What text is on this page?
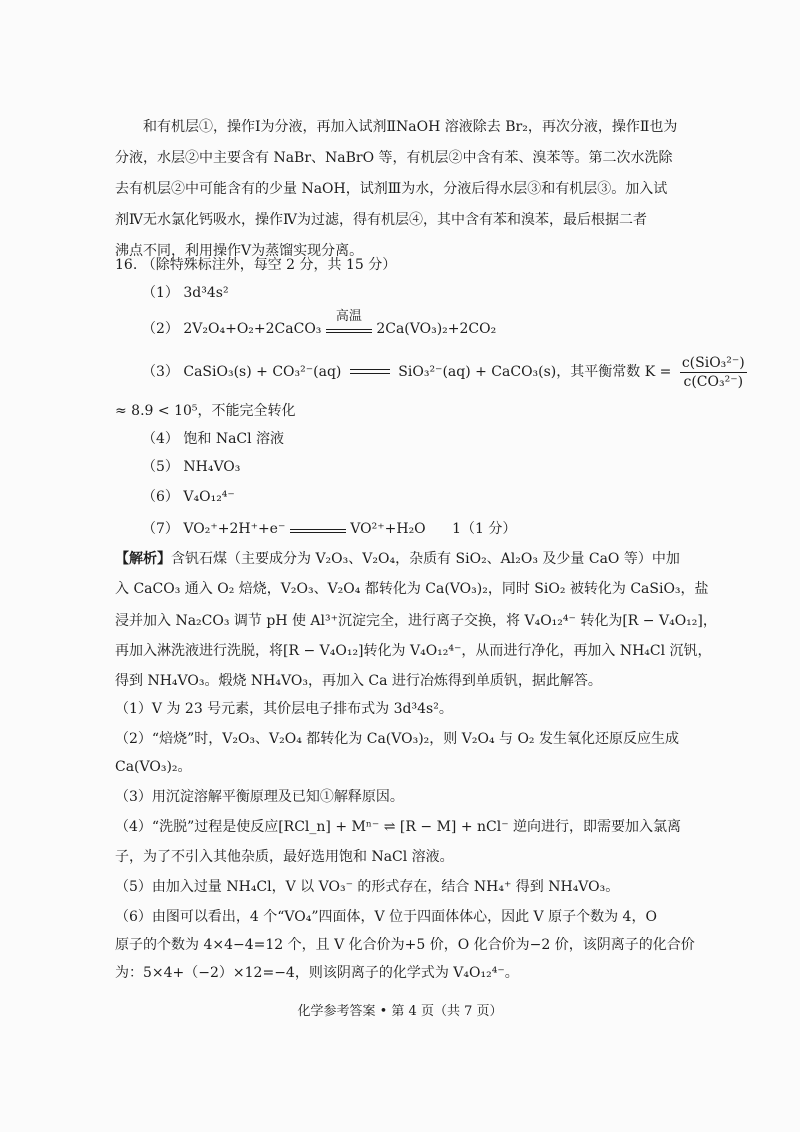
和有机层①，操作Ⅰ为分液，再加入试剂ⅡNaOH 溶液除去 Br₂，再次分液，操作Ⅱ也为

分液，水层②中主要含有 NaBr、NaBrO 等，有机层②中含有苯、溴苯等。第二次水洗除

去有机层②中可能含有的少量 NaOH，试剂Ⅲ为水，分液后得水层③和有机层③。加入试

剂Ⅳ无水氯化钙吸水，操作Ⅳ为过滤，得有机层④，其中含有苯和溴苯，最后根据二者

沸点不同，利用操作Ⅴ为蒸馏实现分离。

16. （除特殊标注外，每空 2 分，共 15 分）
（1） 3d³4s²
（2） 2V₂O₄+O₂+2CaCO₃
高温
2Ca(VO₃)₂+2CO₂
（3） CaSiO₃(s) + CO₃²⁻(aq)	SiO₃²⁻(aq) + CaCO₃(s)，其平衡常数 $K = \frac{\text{c(SiO₃²⁻)}}{\text{c(CO₃²⁻)}}$
≈ 8.9 < 10⁵，不能完全转化
（4） 饱和 NaCl 溶液
（5） NH₄VO₃
（6） V₄O₁₂⁴⁻
（7） VO₂⁺+2H⁺+e⁻	VO²⁺+H₂O 1（1 分）
【解析】含钒石煤（主要成分为 V₂O₃、V₂O₄，杂质有 SiO₂、Al₂O₃ 及少量 CaO 等）中加
入 CaCO₃ 通入 O₂ 焙烧，V₂O₃、V₂O₄ 都转化为 Ca(VO₃)₂，同时 SiO₂ 被转化为 CaSiO₃，盐
浸并加入 Na₂CO₃ 调节 pH 使 Al³⁺沉淀完全，进行离子交换，将 V₄O₁₂⁴⁻ 转化为[R − V₄O₁₂]，
再加入淋洗液进行洗脱，将[R − V₄O₁₂]转化为 V₄O₁₂⁴⁻，从而进行净化，再加入 NH₄Cl 沉钒，
得到 NH₄VO₃。煅烧 NH₄VO₃，再加入 Ca 进行冶炼得到单质钒，据此解答。
（1）V 为 23 号元素，其价层电子排布式为 3d³4s²。
（2）“焙烧”时，V₂O₃、V₂O₄ 都转化为 Ca(VO₃)₂，则 V₂O₄ 与 O₂ 发生氧化还原反应生成
Ca(VO₃)₂。
（3）用沉淀溶解平衡原理及已知①解释原因。
（4）“洗脱”过程是使反应[RCl_n] + Mⁿ⁻ ⇌ [R − M] + nCl⁻ 逆向进行，即需要加入氯离
子，为了不引入其他杂质，最好选用饱和 NaCl 溶液。
（5）由加入过量 NH₄Cl，V 以 VO₃⁻ 的形式存在，结合 NH₄⁺ 得到 NH₄VO₃。
（6）由图可以看出，4 个“VO₄”四面体，V 位于四面体体心，因此 V 原子个数为 4，O
原子的个数为 4×4−4=12 个，且 V 化合价为+5 价，O 化合价为−2 价，该阴离子的化合价
为：5×4+（−2）×12=−4，则该阴离子的化学式为 V₄O₁₂⁴⁻。
化学参考答案 • 第 4 页（共 7 页）
